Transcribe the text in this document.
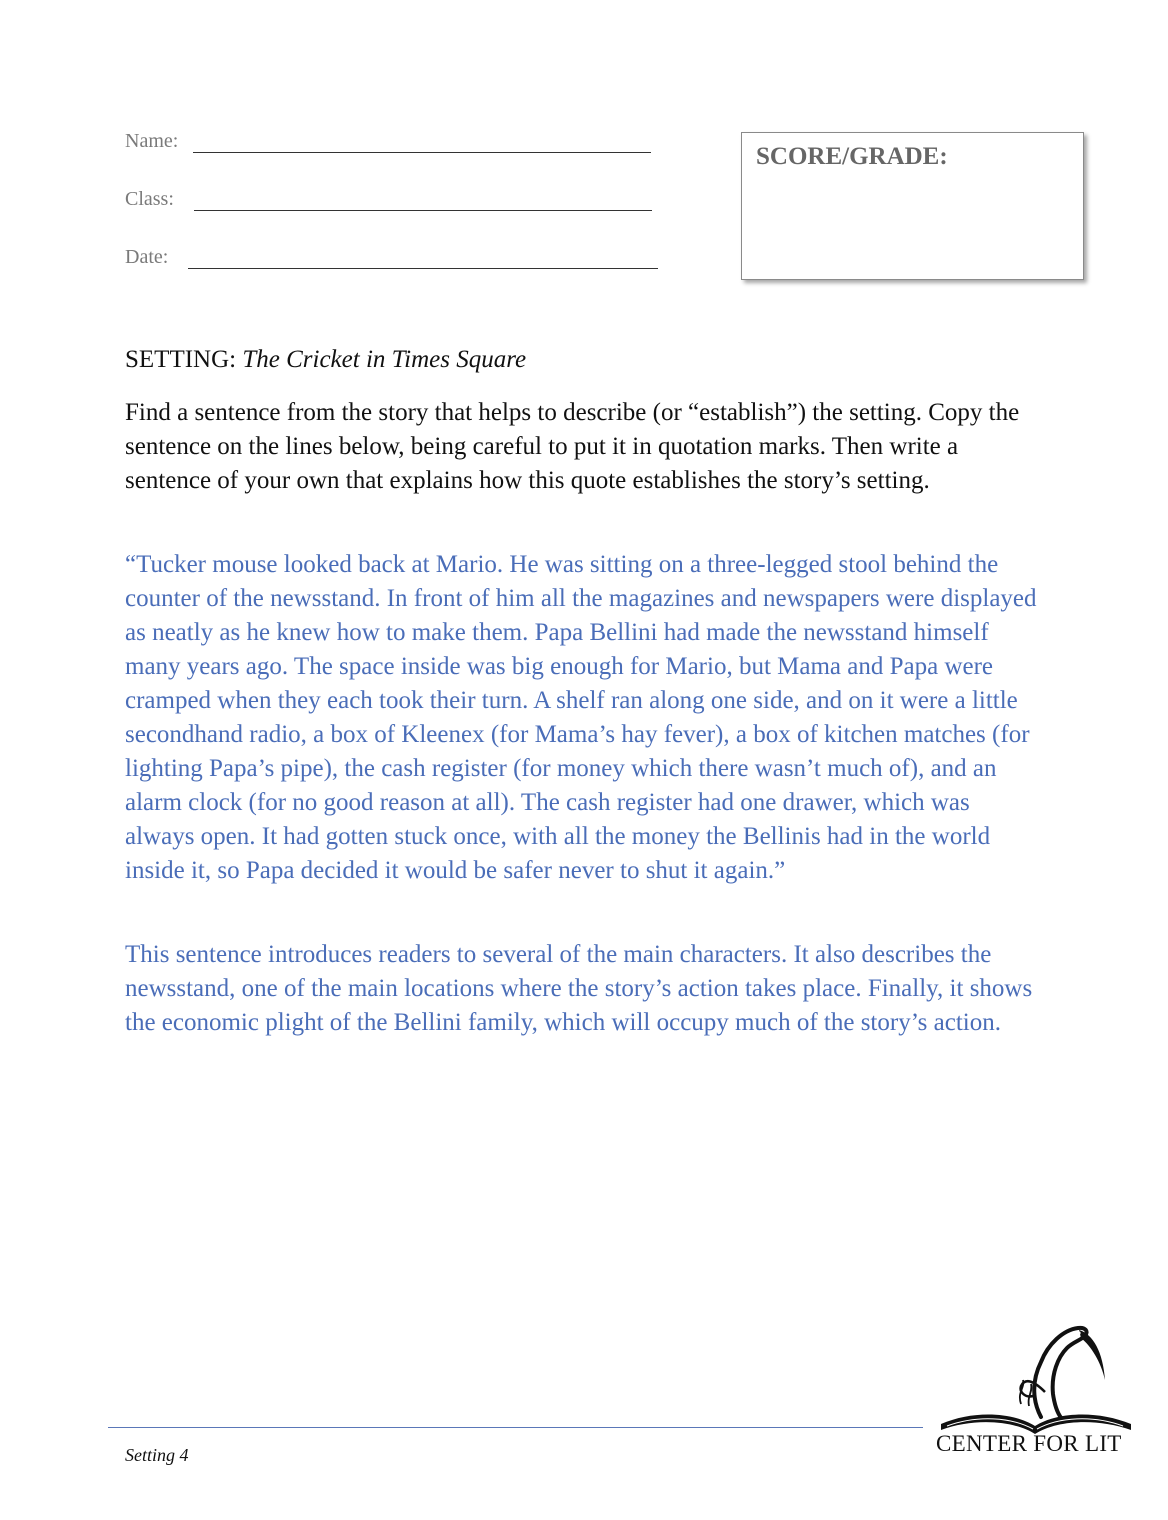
Name:
Class:
Date:
SCORE/GRADE:
SETTING: The Cricket in Times Square

Find a sentence from the story that helps to describe (or “establish”) the setting. Copy the sentence on the lines below, being careful to put it in quotation marks. Then write a sentence of your own that explains how this quote establishes the story’s setting.

“Tucker mouse looked back at Mario. He was sitting on a three-legged stool behind the counter of the newsstand. In front of him all the magazines and newspapers were displayed as neatly as he knew how to make them. Papa Bellini had made the newsstand himself many years ago. The space inside was big enough for Mario, but Mama and Papa were cramped when they each took their turn. A shelf ran along one side, and on it were a little secondhand radio, a box of Kleenex (for Mama’s hay fever), a box of kitchen matches (for lighting Papa’s pipe), the cash register (for money which there wasn’t much of), and an alarm clock (for no good reason at all). The cash register had one drawer, which was always open. It had gotten stuck once, with all the money the Bellinis had in the world inside it, so Papa decided it would be safer never to shut it again.”

This sentence introduces readers to several of the main characters. It also describes the newsstand, one of the main locations where the story’s action takes place. Finally, it shows the economic plight of the Bellini family, which will occupy much of the story’s action.

Setting 4	CENTER FOR LIT
